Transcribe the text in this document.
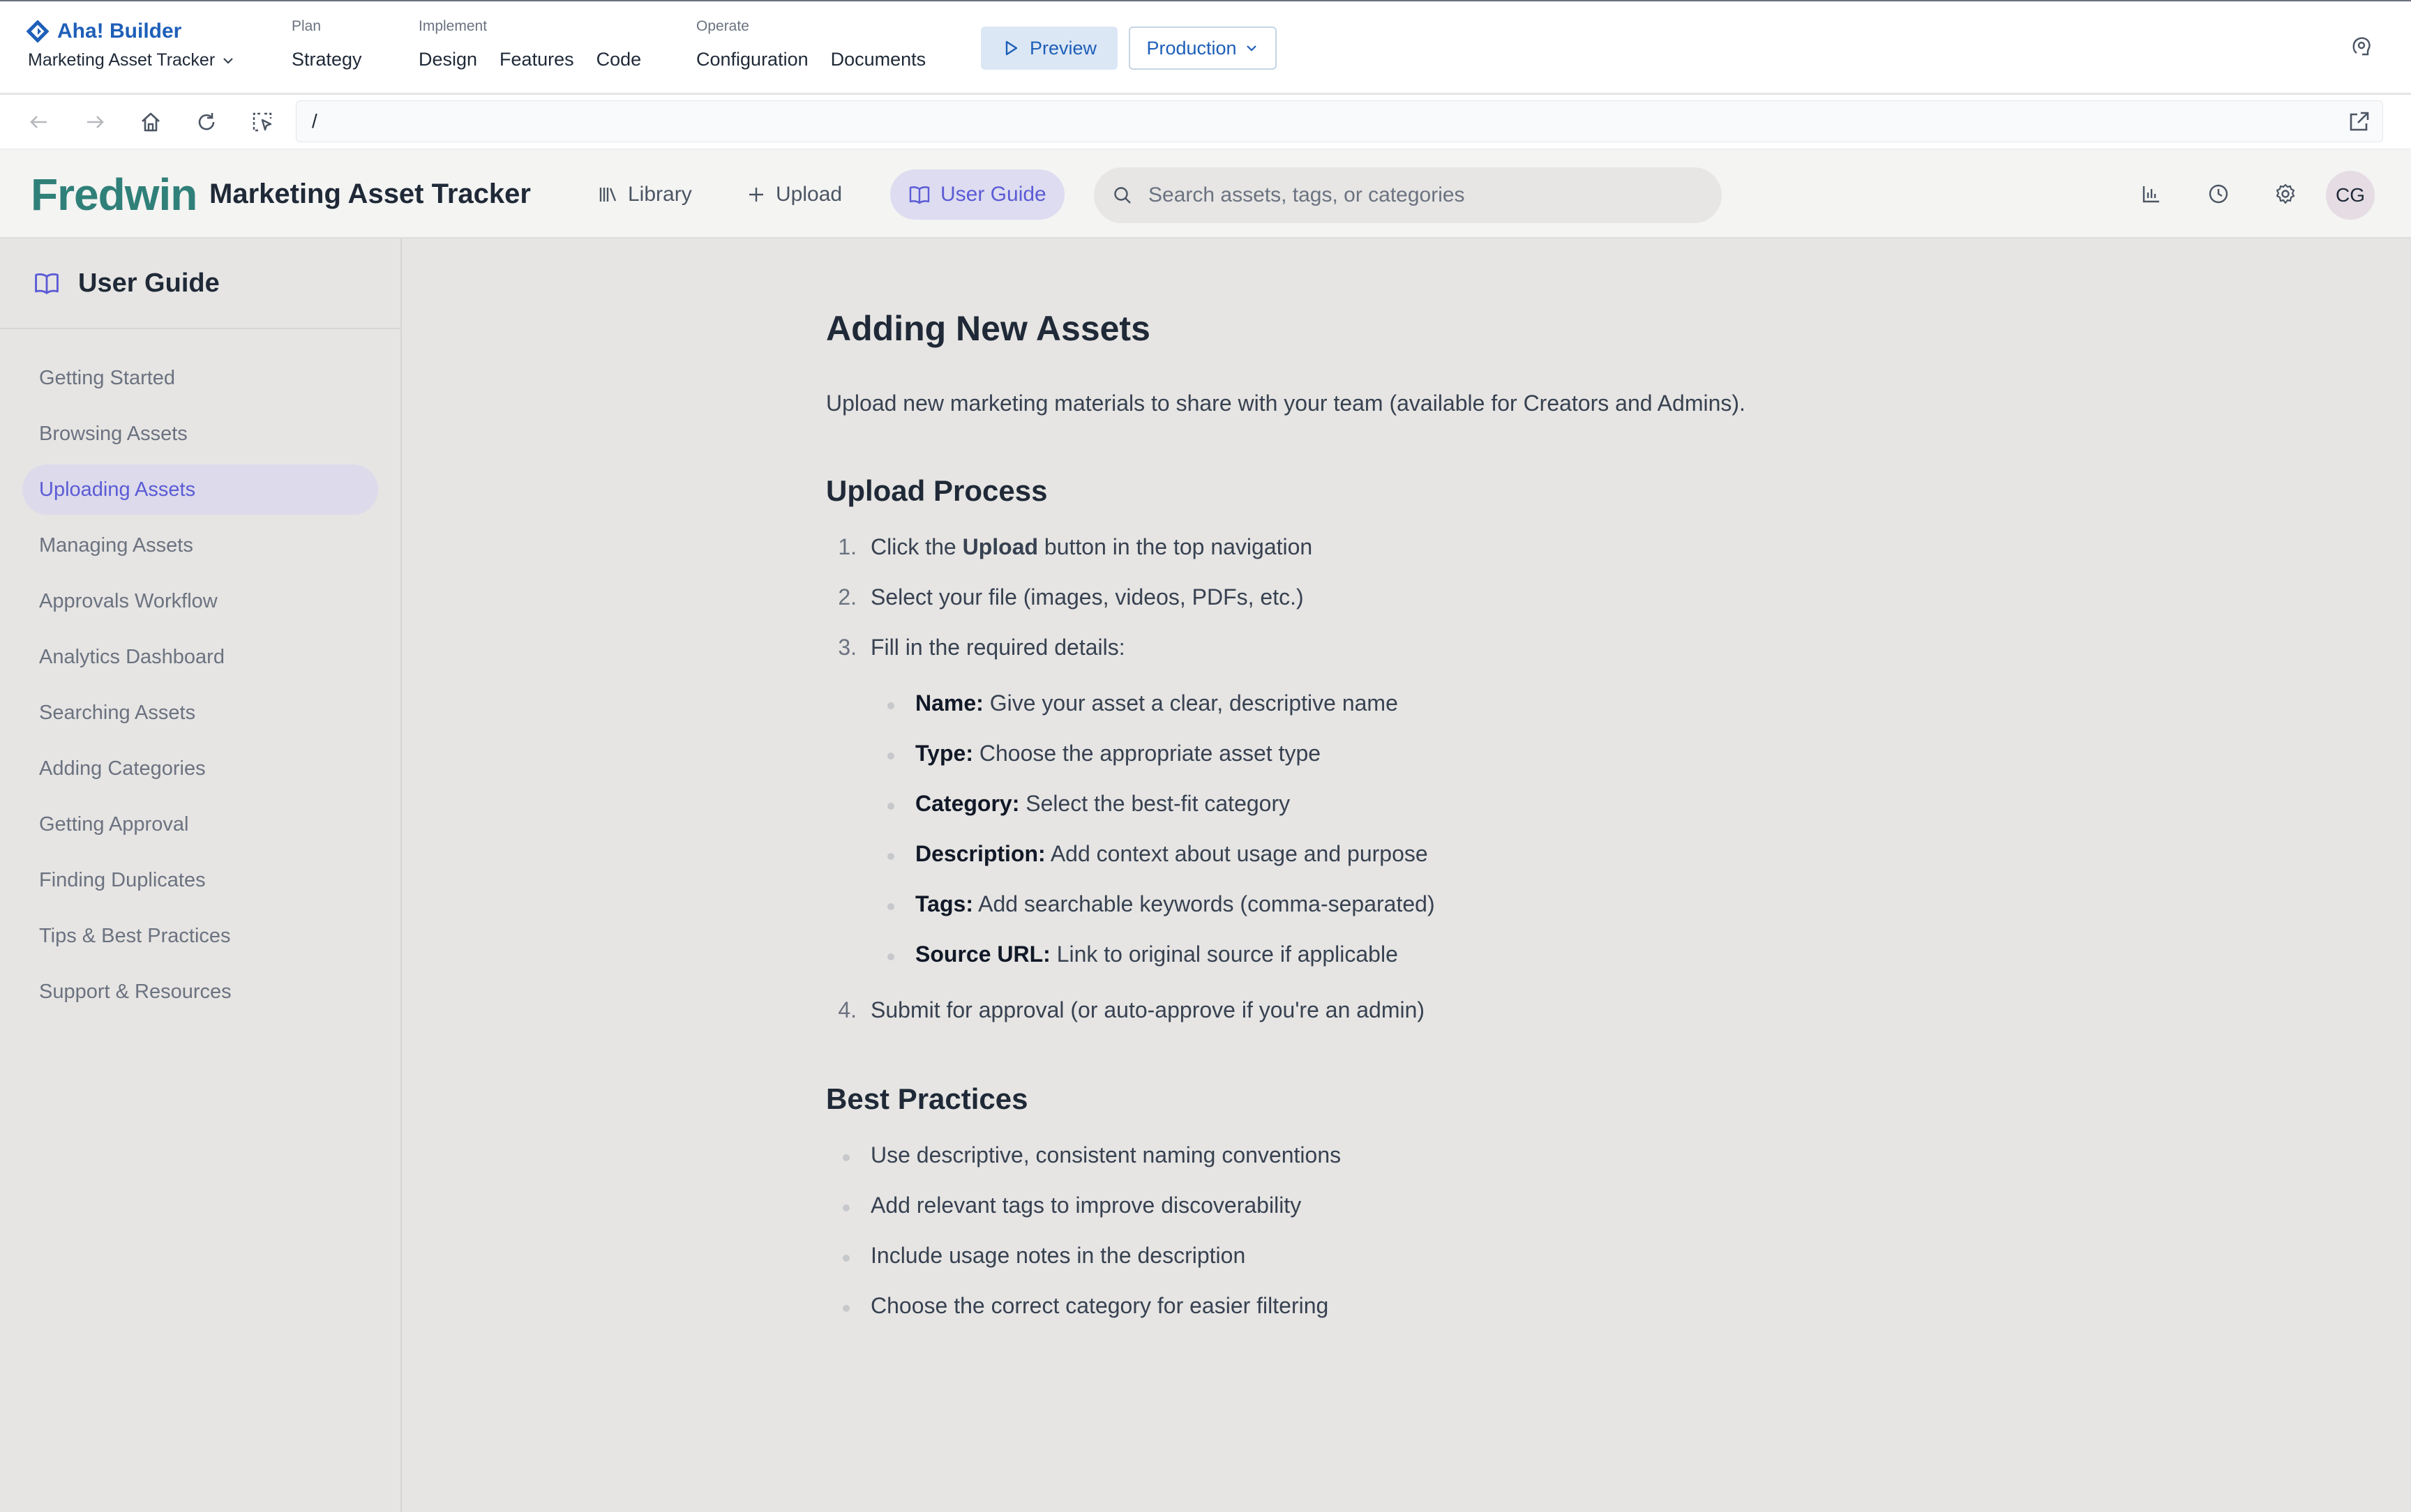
Aha! Builder
Marketing Asset Tracker
Plan
Strategy
Implement
Design Features Code
Operate
Configuration Documents
Preview	Production
/
Fredwin Marketing Asset Tracker	Library	Upload	User Guide	Search assets, tags, or categories	CG
User Guide
Getting Started
Browsing Assets
Uploading Assets
Managing Assets
Approvals Workflow
Analytics Dashboard
Searching Assets
Adding Categories
Getting Approval
Finding Duplicates
Tips & Best Practices
Support & Resources
Adding New Assets

Upload new marketing materials to share with your team (available for Creators and Admins).

Upload Process
1. Click the Upload button in the top navigation
2. Select your file (images, videos, PDFs, etc.)
3. Fill in the required details:
Name: Give your asset a clear, descriptive name
Type: Choose the appropriate asset type
Category: Select the best-fit category
Description: Add context about usage and purpose
Tags: Add searchable keywords (comma-separated)
Source URL: Link to original source if applicable
4. Submit for approval (or auto-approve if you're an admin)
Best Practices
Use descriptive, consistent naming conventions
Add relevant tags to improve discoverability
Include usage notes in the description
Choose the correct category for easier filtering
